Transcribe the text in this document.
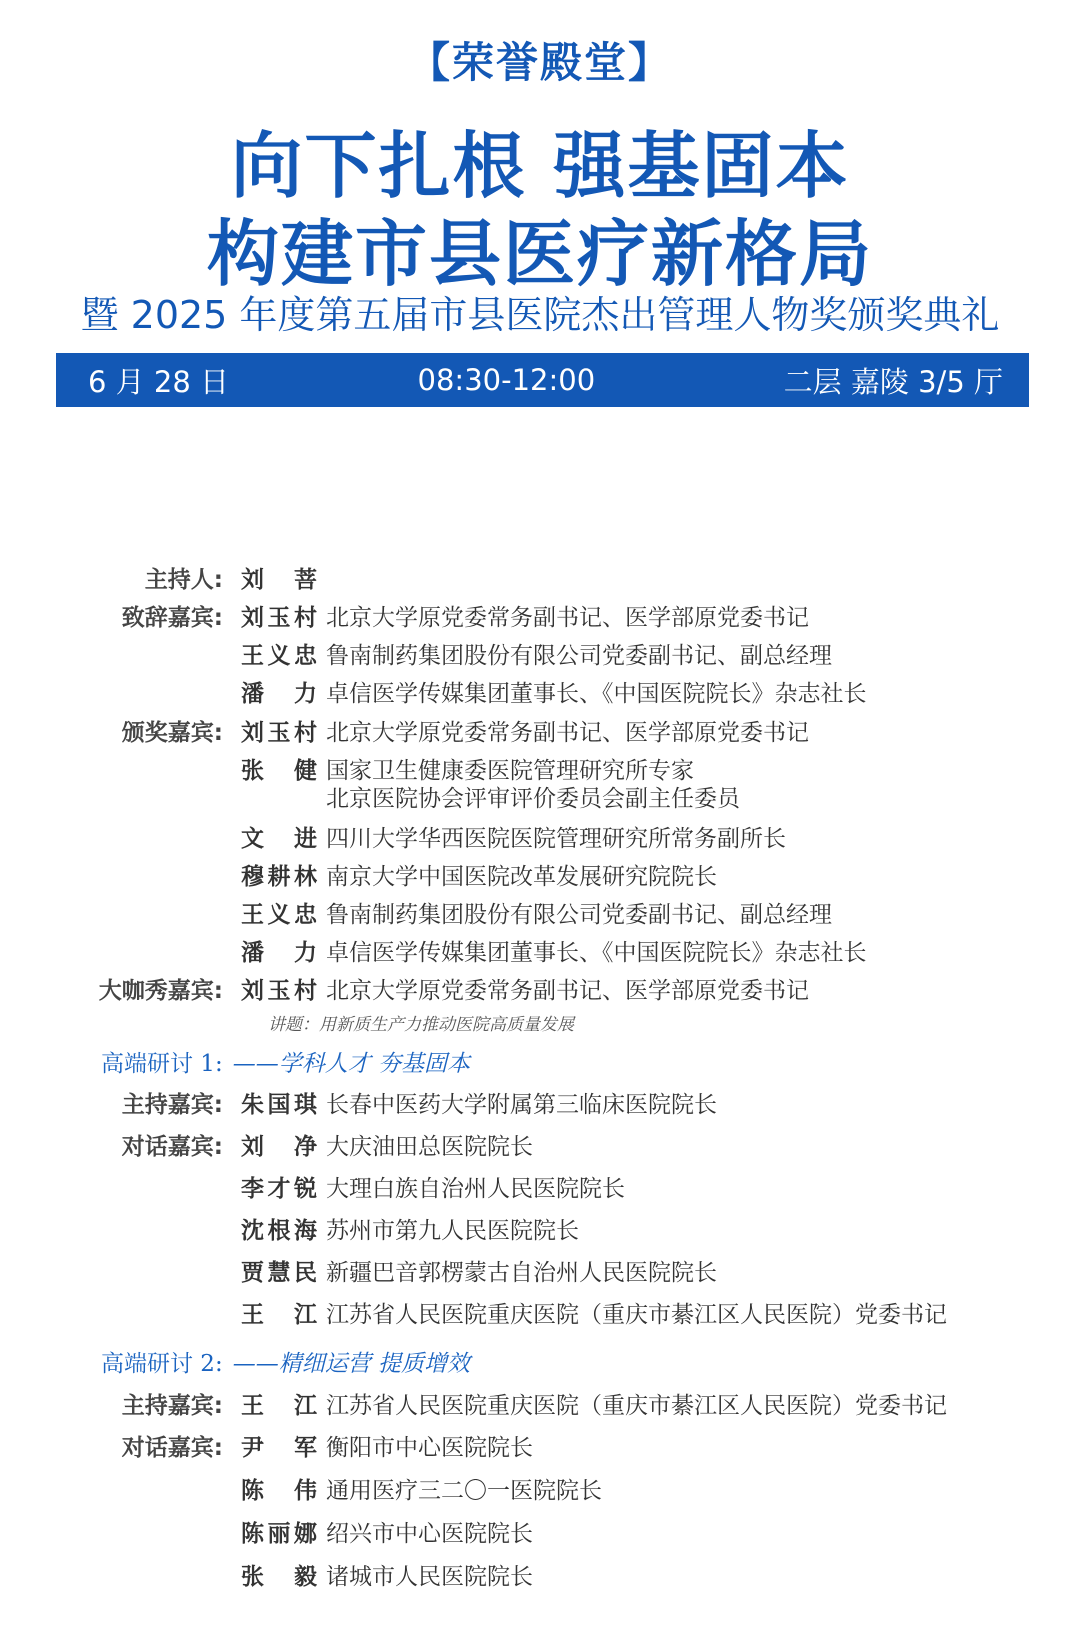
【荣誉殿堂】
向下扎根 强基固本
构建市县医疗新格局
暨 2025 年度第五届市县医院杰出管理人物奖颁奖典礼
6 月 28 日	08:30-12:00	二层 嘉陵 3/5 厅
主持人: 刘 菩
致辞嘉宾: 刘玉村 北京大学原党委常务副书记、医学部原党委书记
王义忠 鲁南制药集团股份有限公司党委副书记、副总经理
潘 力 卓信医学传媒集团董事长、《中国医院院长》杂志社长
颁奖嘉宾: 刘玉村 北京大学原党委常务副书记、医学部原党委书记
张 健 国家卫生健康委医院管理研究所专家
北京医院协会评审评价委员会副主任委员
文 进 四川大学华西医院医院管理研究所常务副所长
穆耕林 南京大学中国医院改革发展研究院院长
王义忠 鲁南制药集团股份有限公司党委副书记、副总经理
潘 力 卓信医学传媒集团董事长、《中国医院院长》杂志社长
大咖秀嘉宾: 刘玉村 北京大学原党委常务副书记、医学部原党委书记
讲题：用新质生产力推动医院高质量发展
高端研讨 1: ——学科人才 夯基固本
主持嘉宾: 朱国琪 长春中医药大学附属第三临床医院院长
对话嘉宾: 刘 净 大庆油田总医院院长
李才锐 大理白族自治州人民医院院长
沈根海 苏州市第九人民医院院长
贾慧民 新疆巴音郭楞蒙古自治州人民医院院长
王 江 江苏省人民医院重庆医院（重庆市綦江区人民医院）党委书记
高端研讨 2: ——精细运营 提质增效
主持嘉宾: 王 江 江苏省人民医院重庆医院（重庆市綦江区人民医院）党委书记
对话嘉宾: 尹 军 衡阳市中心医院院长
陈 伟 通用医疗三二〇一医院院长
陈丽娜 绍兴市中心医院院长
张 毅 诸城市人民医院院长
